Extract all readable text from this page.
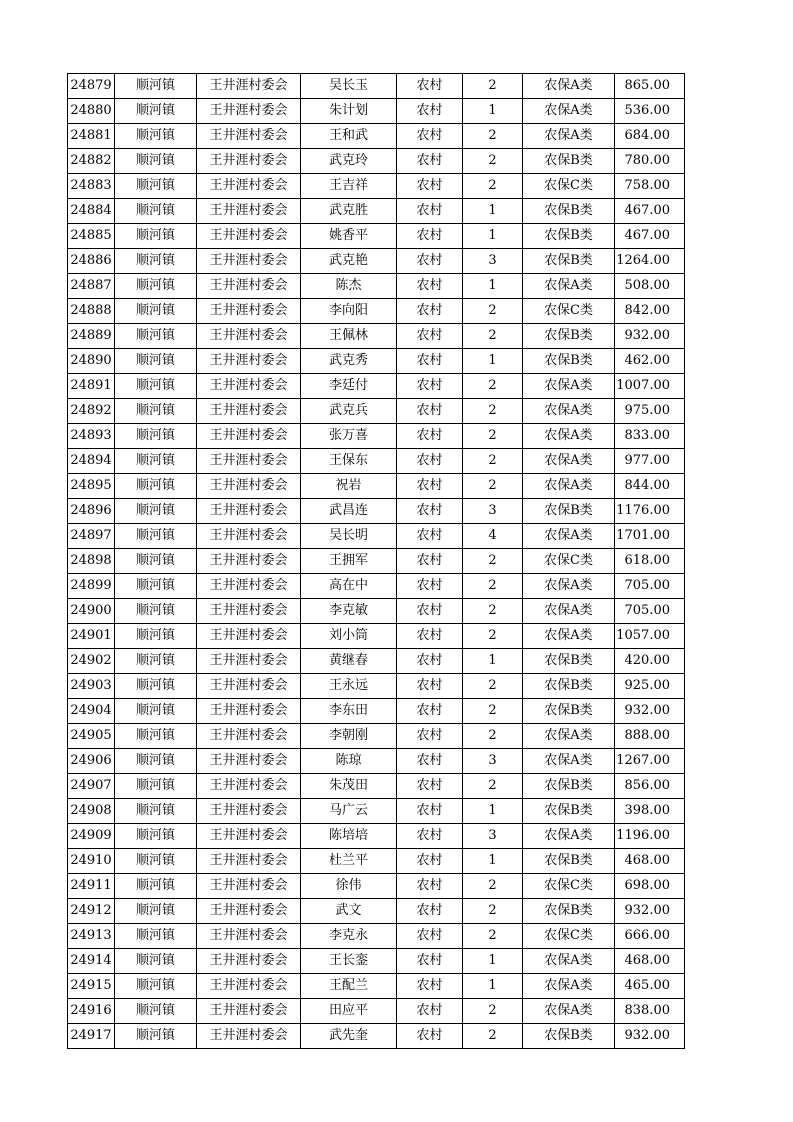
24879	顺河镇	王井涯村委会	吴长玉	农村	2	农保A类	865.00
24880	顺河镇	王井涯村委会	朱计划	农村	1	农保A类	536.00
24881	顺河镇	王井涯村委会	王和武	农村	2	农保A类	684.00
24882	顺河镇	王井涯村委会	武克玲	农村	2	农保B类	780.00
24883	顺河镇	王井涯村委会	王吉祥	农村	2	农保C类	758.00
24884	顺河镇	王井涯村委会	武克胜	农村	1	农保B类	467.00
24885	顺河镇	王井涯村委会	姚香平	农村	1	农保B类	467.00
24886	顺河镇	王井涯村委会	武克艳	农村	3	农保B类	1264.00
24887	顺河镇	王井涯村委会	陈杰	农村	1	农保A类	508.00
24888	顺河镇	王井涯村委会	李向阳	农村	2	农保C类	842.00
24889	顺河镇	王井涯村委会	王佩林	农村	2	农保B类	932.00
24890	顺河镇	王井涯村委会	武克秀	农村	1	农保B类	462.00
24891	顺河镇	王井涯村委会	李廷付	农村	2	农保A类	1007.00
24892	顺河镇	王井涯村委会	武克兵	农村	2	农保A类	975.00
24893	顺河镇	王井涯村委会	张万喜	农村	2	农保A类	833.00
24894	顺河镇	王井涯村委会	王保东	农村	2	农保A类	977.00
24895	顺河镇	王井涯村委会	祝岩	农村	2	农保A类	844.00
24896	顺河镇	王井涯村委会	武昌连	农村	3	农保B类	1176.00
24897	顺河镇	王井涯村委会	吴长明	农村	4	农保A类	1701.00
24898	顺河镇	王井涯村委会	王拥军	农村	2	农保C类	618.00
24899	顺河镇	王井涯村委会	高在中	农村	2	农保A类	705.00
24900	顺河镇	王井涯村委会	李克敏	农村	2	农保A类	705.00
24901	顺河镇	王井涯村委会	刘小筒	农村	2	农保A类	1057.00
24902	顺河镇	王井涯村委会	黄继春	农村	1	农保B类	420.00
24903	顺河镇	王井涯村委会	王永远	农村	2	农保B类	925.00
24904	顺河镇	王井涯村委会	李东田	农村	2	农保B类	932.00
24905	顺河镇	王井涯村委会	李朝刚	农村	2	农保A类	888.00
24906	顺河镇	王井涯村委会	陈琼	农村	3	农保A类	1267.00
24907	顺河镇	王井涯村委会	朱茂田	农村	2	农保B类	856.00
24908	顺河镇	王井涯村委会	马广云	农村	1	农保B类	398.00
24909	顺河镇	王井涯村委会	陈培培	农村	3	农保A类	1196.00
24910	顺河镇	王井涯村委会	杜兰平	农村	1	农保B类	468.00
24911	顺河镇	王井涯村委会	徐伟	农村	2	农保C类	698.00
24912	顺河镇	王井涯村委会	武文	农村	2	农保B类	932.00
24913	顺河镇	王井涯村委会	李克永	农村	2	农保C类	666.00
24914	顺河镇	王井涯村委会	王长銮	农村	1	农保A类	468.00
24915	顺河镇	王井涯村委会	王配兰	农村	1	农保A类	465.00
24916	顺河镇	王井涯村委会	田应平	农村	2	农保A类	838.00
24917	顺河镇	王井涯村委会	武先奎	农村	2	农保B类	932.00
